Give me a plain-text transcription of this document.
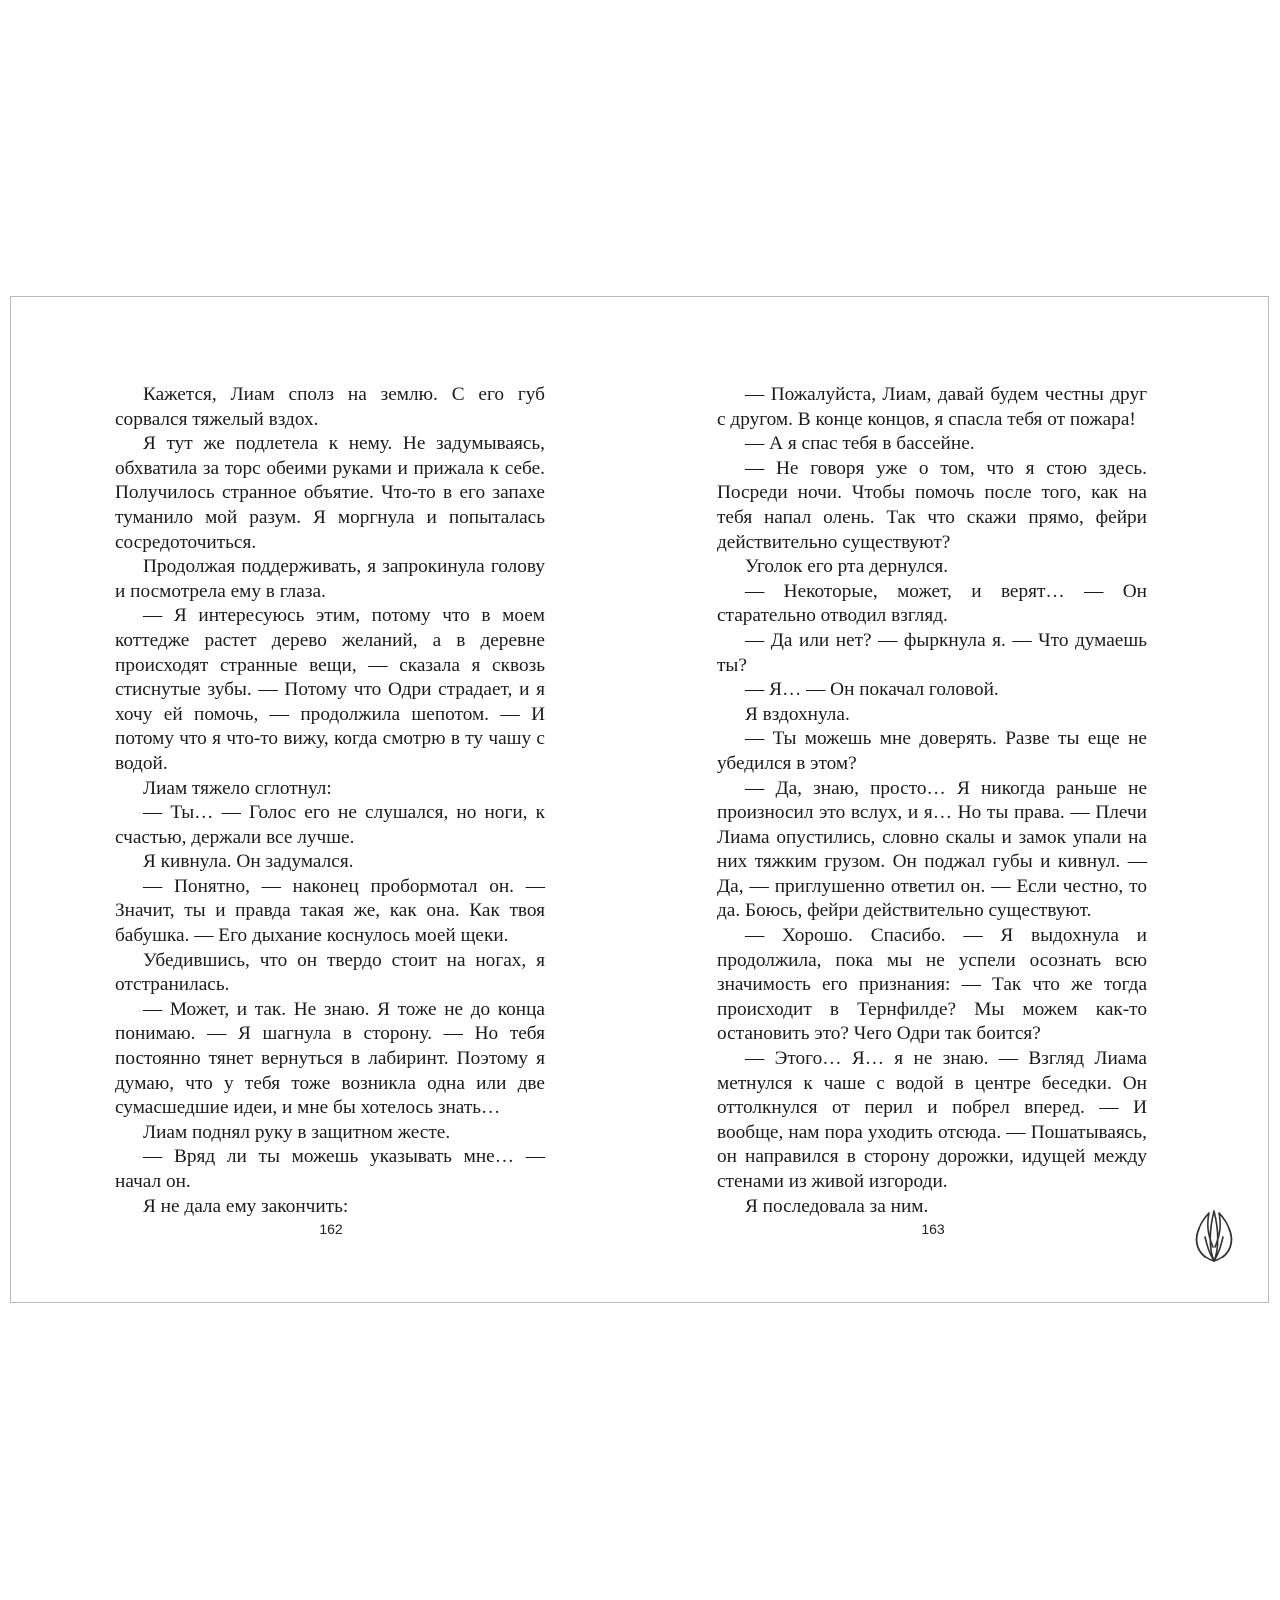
Кажется, Лиам сполз на землю. С его губ сорвался тяжелый вздох.

Я тут же подлетела к нему. Не задумываясь, обхватила за торс обеими руками и прижала к себе. Получилось странное объятие. Что-то в его запахе туманило мой разум. Я моргнула и попыталась сосредоточиться.

Продолжая поддерживать, я запрокинула голову и посмотрела ему в глаза.

— Я интересуюсь этим, потому что в моем коттедже растет дерево желаний, а в деревне происходят странные вещи, — сказала я сквозь стиснутые зубы. — Потому что Одри страдает, и я хочу ей помочь, — продолжила шепотом. — И потому что я что-то вижу, когда смотрю в ту чашу с водой.

Лиам тяжело сглотнул:

— Ты… — Голос его не слушался, но ноги, к счастью, держали все лучше.

Я кивнула. Он задумался.

— Понятно, — наконец пробормотал он. — Значит, ты и правда такая же, как она. Как твоя бабушка. — Его дыхание коснулось моей щеки.

Убедившись, что он твердо стоит на ногах, я отстранилась.

— Может, и так. Не знаю. Я тоже не до конца понимаю. — Я шагнула в сторону. — Но тебя постоянно тянет вернуться в лабиринт. Поэтому я думаю, что у тебя тоже возникла одна или две сумасшедшие идеи, и мне бы хотелось знать…

Лиам поднял руку в защитном жесте.

— Вряд ли ты можешь указывать мне… — начал он.

Я не дала ему закончить:

— Пожалуйста, Лиам, давай будем честны друг с другом. В конце концов, я спасла тебя от пожара!

— А я спас тебя в бассейне.

— Не говоря уже о том, что я стою здесь. Посреди ночи. Чтобы помочь после того, как на тебя напал олень. Так что скажи прямо, фейри действительно существуют?

Уголок его рта дернулся.

— Некоторые, может, и верят… — Он старательно отводил взгляд.

— Да или нет? — фыркнула я. — Что думаешь ты?

— Я… — Он покачал головой.

Я вздохнула.

— Ты можешь мне доверять. Разве ты еще не убедился в этом?

— Да, знаю, просто… Я никогда раньше не произносил это вслух, и я… Но ты права. — Плечи Лиама опустились, словно скалы и замок упали на них тяжким грузом. Он поджал губы и кивнул. — Да, — приглушенно ответил он. — Если честно, то да. Боюсь, фейри действительно существуют.

— Хорошо. Спасибо. — Я выдохнула и продолжила, пока мы не успели осознать всю значимость его признания: — Так что же тогда происходит в Тернфилде? Мы можем как-то остановить это? Чего Одри так боится?

— Этого… Я… я не знаю. — Взгляд Лиама метнулся к чаше с водой в центре беседки. Он оттолкнулся от перил и побрел вперед. — И вообще, нам пора уходить отсюда. — Пошатываясь, он направился в сторону дорожки, идущей между стенами из живой изгороди.

Я последовала за ним.

162	163
